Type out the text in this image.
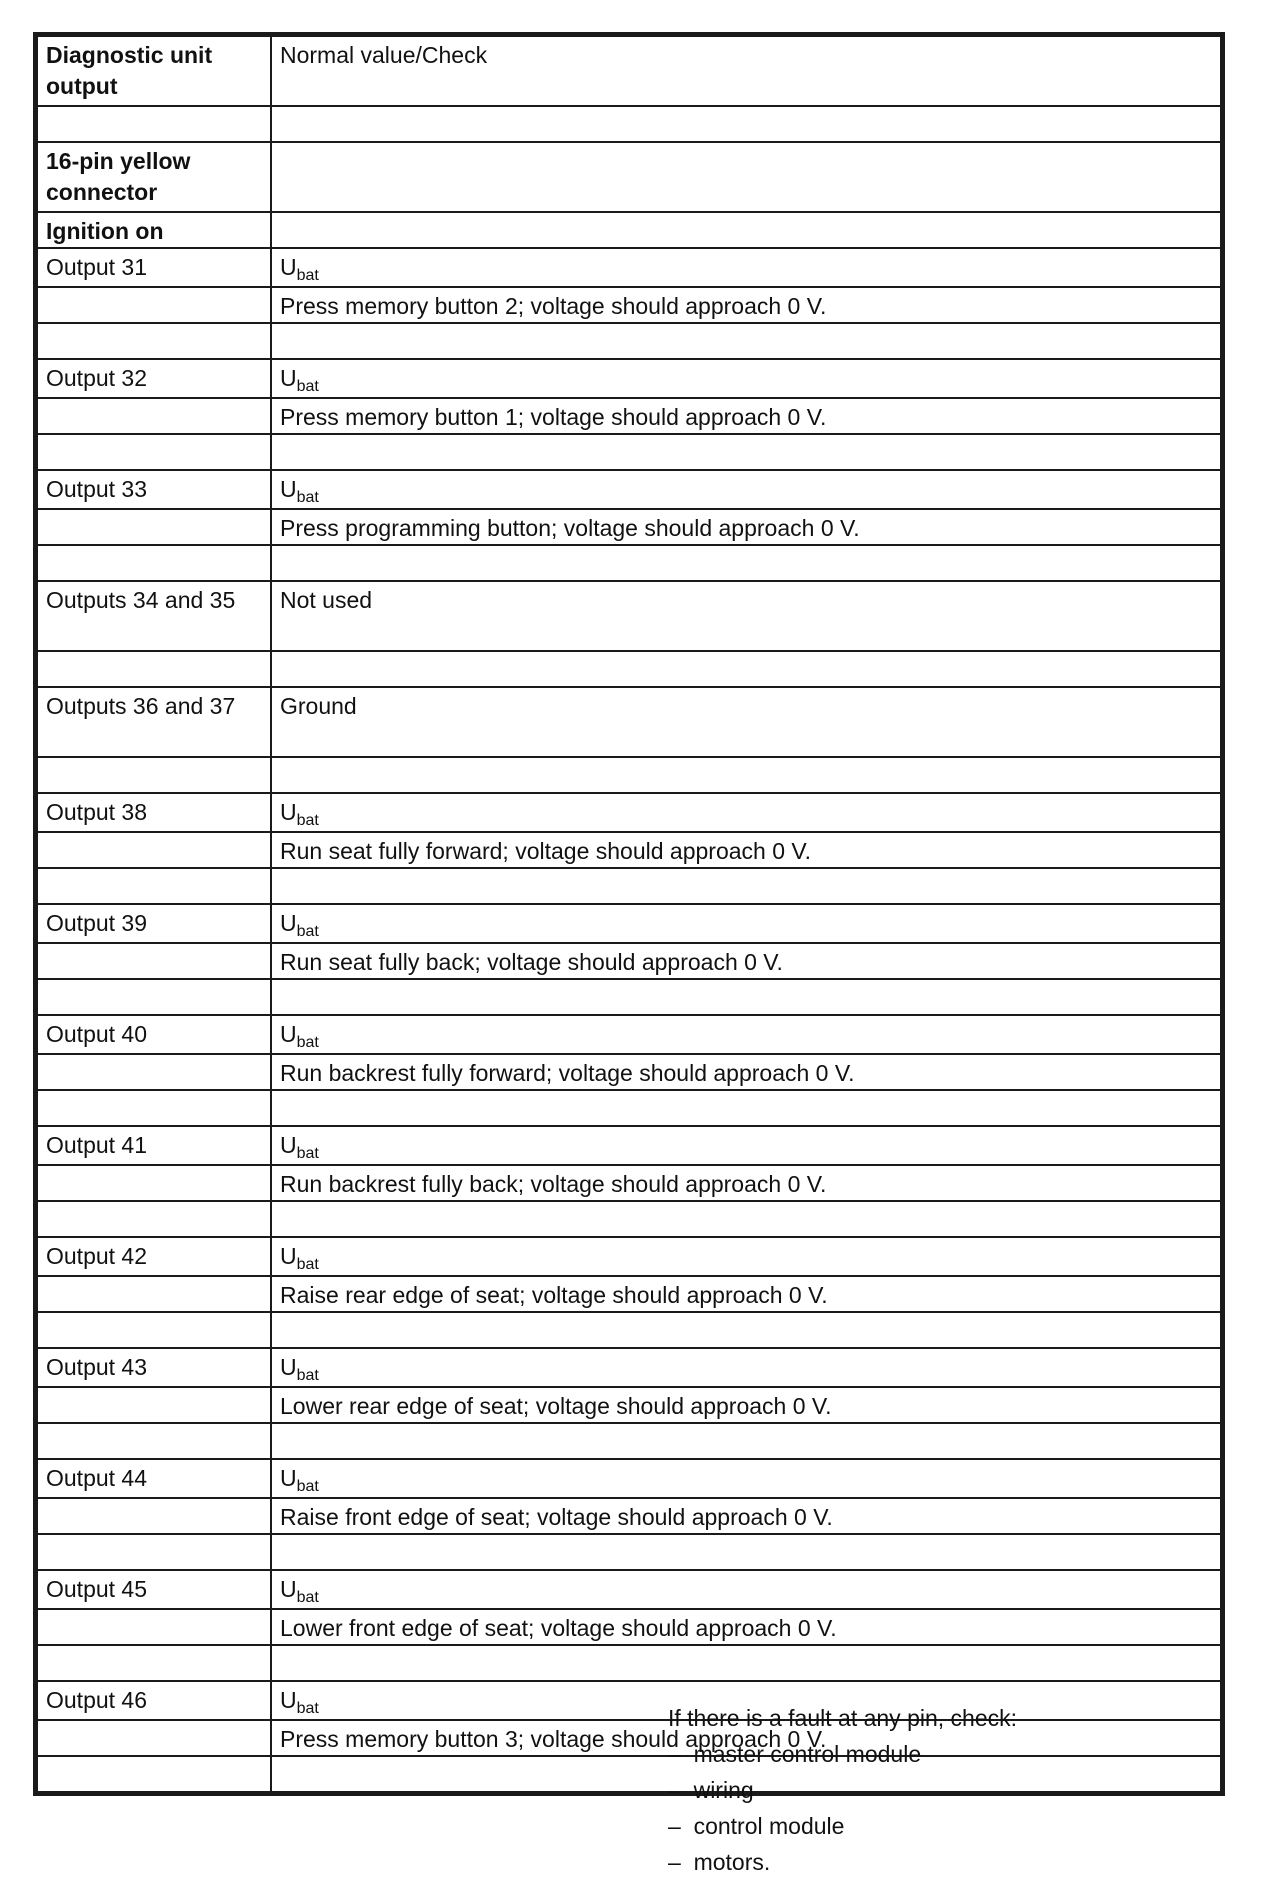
Diagnostic unit output	Normal value/Check

16-pin yellow connector	
Ignition on	
Output 31	$U_{bat}$
	Press memory button 2; voltage should approach 0 V.

Output 32	$U_{bat}$
	Press memory button 1; voltage should approach 0 V.

Output 33	$U_{bat}$
	Press programming button; voltage should approach 0 V.

Outputs 34 and 35	Not used

Outputs 36 and 37	Ground

Output 38	$U_{bat}$
	Run seat fully forward; voltage should approach 0 V.

Output 39	$U_{bat}$
	Run seat fully back; voltage should approach 0 V.

Output 40	$U_{bat}$
	Run backrest fully forward; voltage should approach 0 V.

Output 41	$U_{bat}$
	Run backrest fully back; voltage should approach 0 V.

Output 42	$U_{bat}$
	Raise rear edge of seat; voltage should approach 0 V.

Output 43	$U_{bat}$
	Lower rear edge of seat; voltage should approach 0 V.

Output 44	$U_{bat}$
	Raise front edge of seat; voltage should approach 0 V.

Output 45	$U_{bat}$
	Lower front edge of seat; voltage should approach 0 V.

Output 46	$U_{bat}$
	Press memory button 3; voltage should approach 0 V.

If there is a fault at any pin, check:
–  master control module
–  wiring
–  control module
–  motors.
